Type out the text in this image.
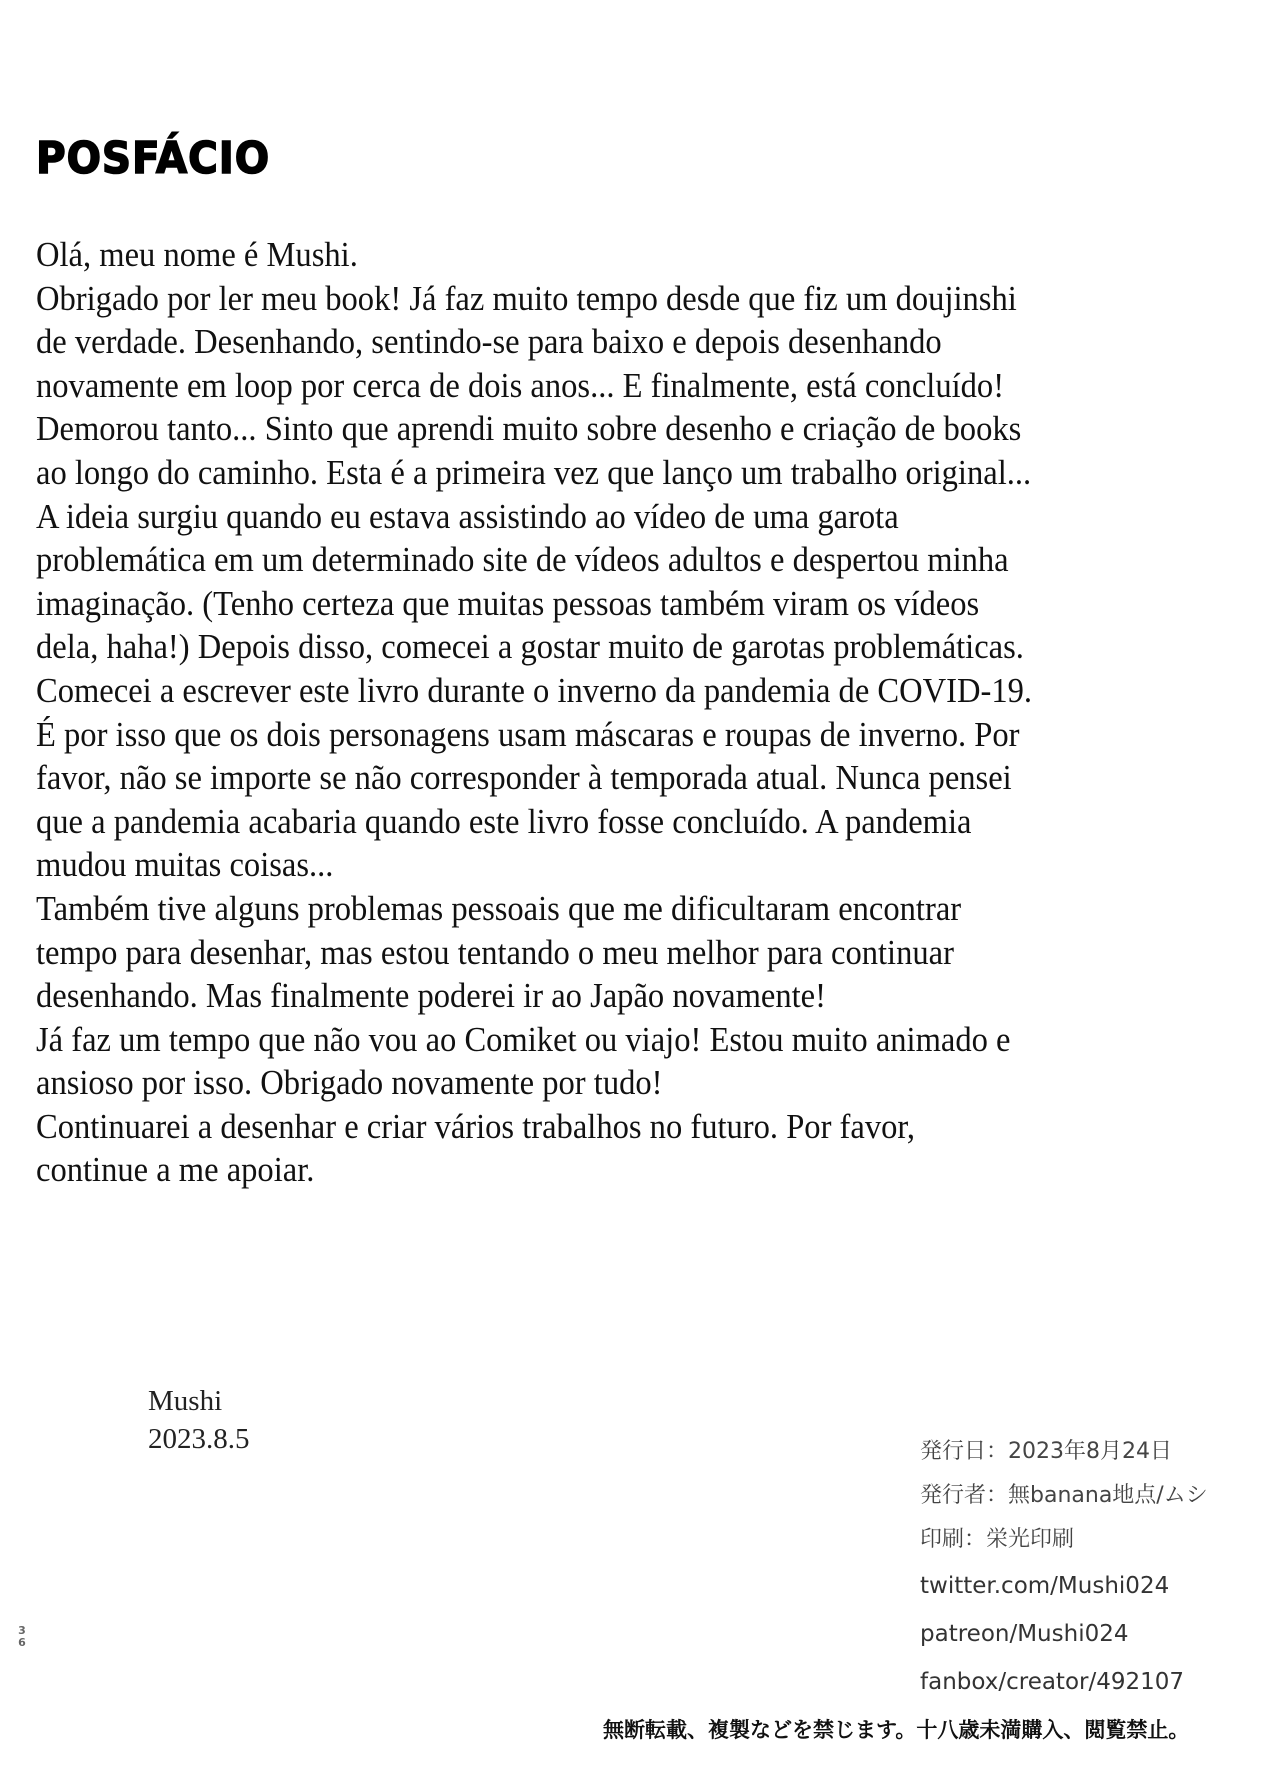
POSFÁCIO
Olá, meu nome é Mushi.
Obrigado por ler meu book! Já faz muito tempo desde que fiz um doujinshi
de verdade. Desenhando, sentindo-se para baixo e depois desenhando
novamente em loop por cerca de dois anos... E finalmente, está concluído!
Demorou tanto... Sinto que aprendi muito sobre desenho e criação de books
ao longo do caminho. Esta é a primeira vez que lanço um trabalho original...
A ideia surgiu quando eu estava assistindo ao vídeo de uma garota
problemática em um determinado site de vídeos adultos e despertou minha
imaginação. (Tenho certeza que muitas pessoas também viram os vídeos
dela, haha!) Depois disso, comecei a gostar muito de garotas problemáticas.
Comecei a escrever este livro durante o inverno da pandemia de COVID-19.
É por isso que os dois personagens usam máscaras e roupas de inverno. Por
favor, não se importe se não corresponder à temporada atual. Nunca pensei
que a pandemia acabaria quando este livro fosse concluído. A pandemia
mudou muitas coisas...
Também tive alguns problemas pessoais que me dificultaram encontrar
tempo para desenhar, mas estou tentando o meu melhor para continuar
desenhando. Mas finalmente poderei ir ao Japão novamente!
Já faz um tempo que não vou ao Comiket ou viajo! Estou muito animado e
ansioso por isso. Obrigado novamente por tudo!
Continuarei a desenhar e criar vários trabalhos no futuro. Por favor,
continue a me apoiar.
Mushi
2023.8.5	発行日：2023年8月24日
発行者：無banana地点/ムシ
印刷：栄光印刷
twitter.com/Mushi024
patreon/Mushi024
fanbox/creator/492107
無断転載、複製などを禁じます。十八歳未満購入、閲覧禁止。
3
6
